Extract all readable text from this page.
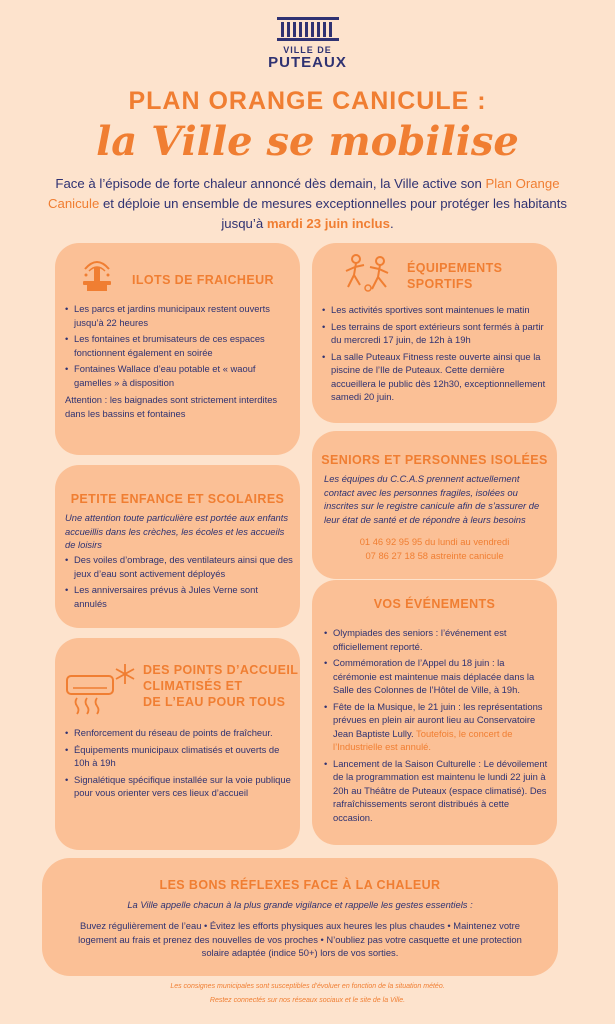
VILLE DE
PUTEAUX
PLAN ORANGE CANICULE :
la Ville se mobilise
Face à l’épisode de forte chaleur annoncé dès demain, la Ville active son Plan Orange Canicule et déploie un ensemble de mesures exceptionnelles pour protéger les habitants jusqu’à mardi 23 juin inclus.
ILOTS DE FRAICHEUR
• Les parcs et jardins municipaux restent ouverts jusqu’à 22 heures
• Les fontaines et brumisateurs de ces espaces fonctionnent également en soirée
• Fontaines Wallace d’eau potable et « waouf gamelles » à disposition
Attention : les baignades sont strictement interdites dans les bassins et fontaines
ÉQUIPEMENTS
SPORTIFS
• Les activités sportives sont maintenues le matin
• Les terrains de sport extérieurs sont fermés à partir du mercredi 17 juin, de 12h à 19h
• La salle Puteaux Fitness reste ouverte ainsi que la piscine de l’Ile de Puteaux. Cette dernière accueillera le public dès 12h30, exceptionnellement samedi 20 juin.
SENIORS ET PERSONNES ISOLÉES
Les équipes du C.C.A.S prennent actuellement contact avec les personnes fragiles, isolées ou inscrites sur le registre canicule afin de s’assurer de leur état de santé et de répondre à leurs besoins
01 46 92 95 95 du lundi au vendredi
07 86 27 18 58 astreinte canicule
PETITE ENFANCE ET SCOLAIRES
Une attention toute particulière est portée aux enfants accueillis dans les crèches, les écoles et les accueils de loisirs
• Des voiles d’ombrage, des ventilateurs ainsi que des jeux d’eau sont activement déployés
• Les anniversaires prévus à Jules Verne sont annulés	VOS ÉVÉNEMENTS
• Olympiades des seniors : l’événement est officiellement reporté.
• Commémoration de l’Appel du 18 juin : la cérémonie est maintenue mais déplacée dans la Salle des Colonnes de l’Hôtel de Ville, à 19h.
• Fête de la Musique, le 21 juin : les représentations prévues en plein air auront lieu au Conservatoire Jean Baptiste Lully. Toutefois, le concert de l’Industrielle est annulé.
• Lancement de la Saison Culturelle : Le dévoilement de la programmation est maintenu le lundi 22 juin à 20h au Théâtre de Puteaux (espace climatisé). Des rafraîchissements seront distribués à cette occasion.
DES POINTS D’ACCUEIL
CLIMATISÉS ET
DE L’EAU POUR TOUS
• Renforcement du réseau de points de fraîcheur.
• Équipements municipaux climatisés et ouverts de 10h à 19h
• Signalétique spécifique installée sur la voie publique pour vous orienter vers ces lieux d’accueil
LES BONS RÉFLEXES FACE À LA CHALEUR
La Ville appelle chacun à la plus grande vigilance et rappelle les gestes essentiels :
Buvez régulièrement de l’eau • Évitez les efforts physiques aux heures les plus chaudes • Maintenez votre logement au frais et prenez des nouvelles de vos proches • N’oubliez pas votre casquette et une protection solaire adaptée (indice 50+) lors de vos sorties.
Les consignes municipales sont susceptibles d’évoluer en fonction de la situation météo.
Restez connectés sur nos réseaux sociaux et le site de la Ville.
